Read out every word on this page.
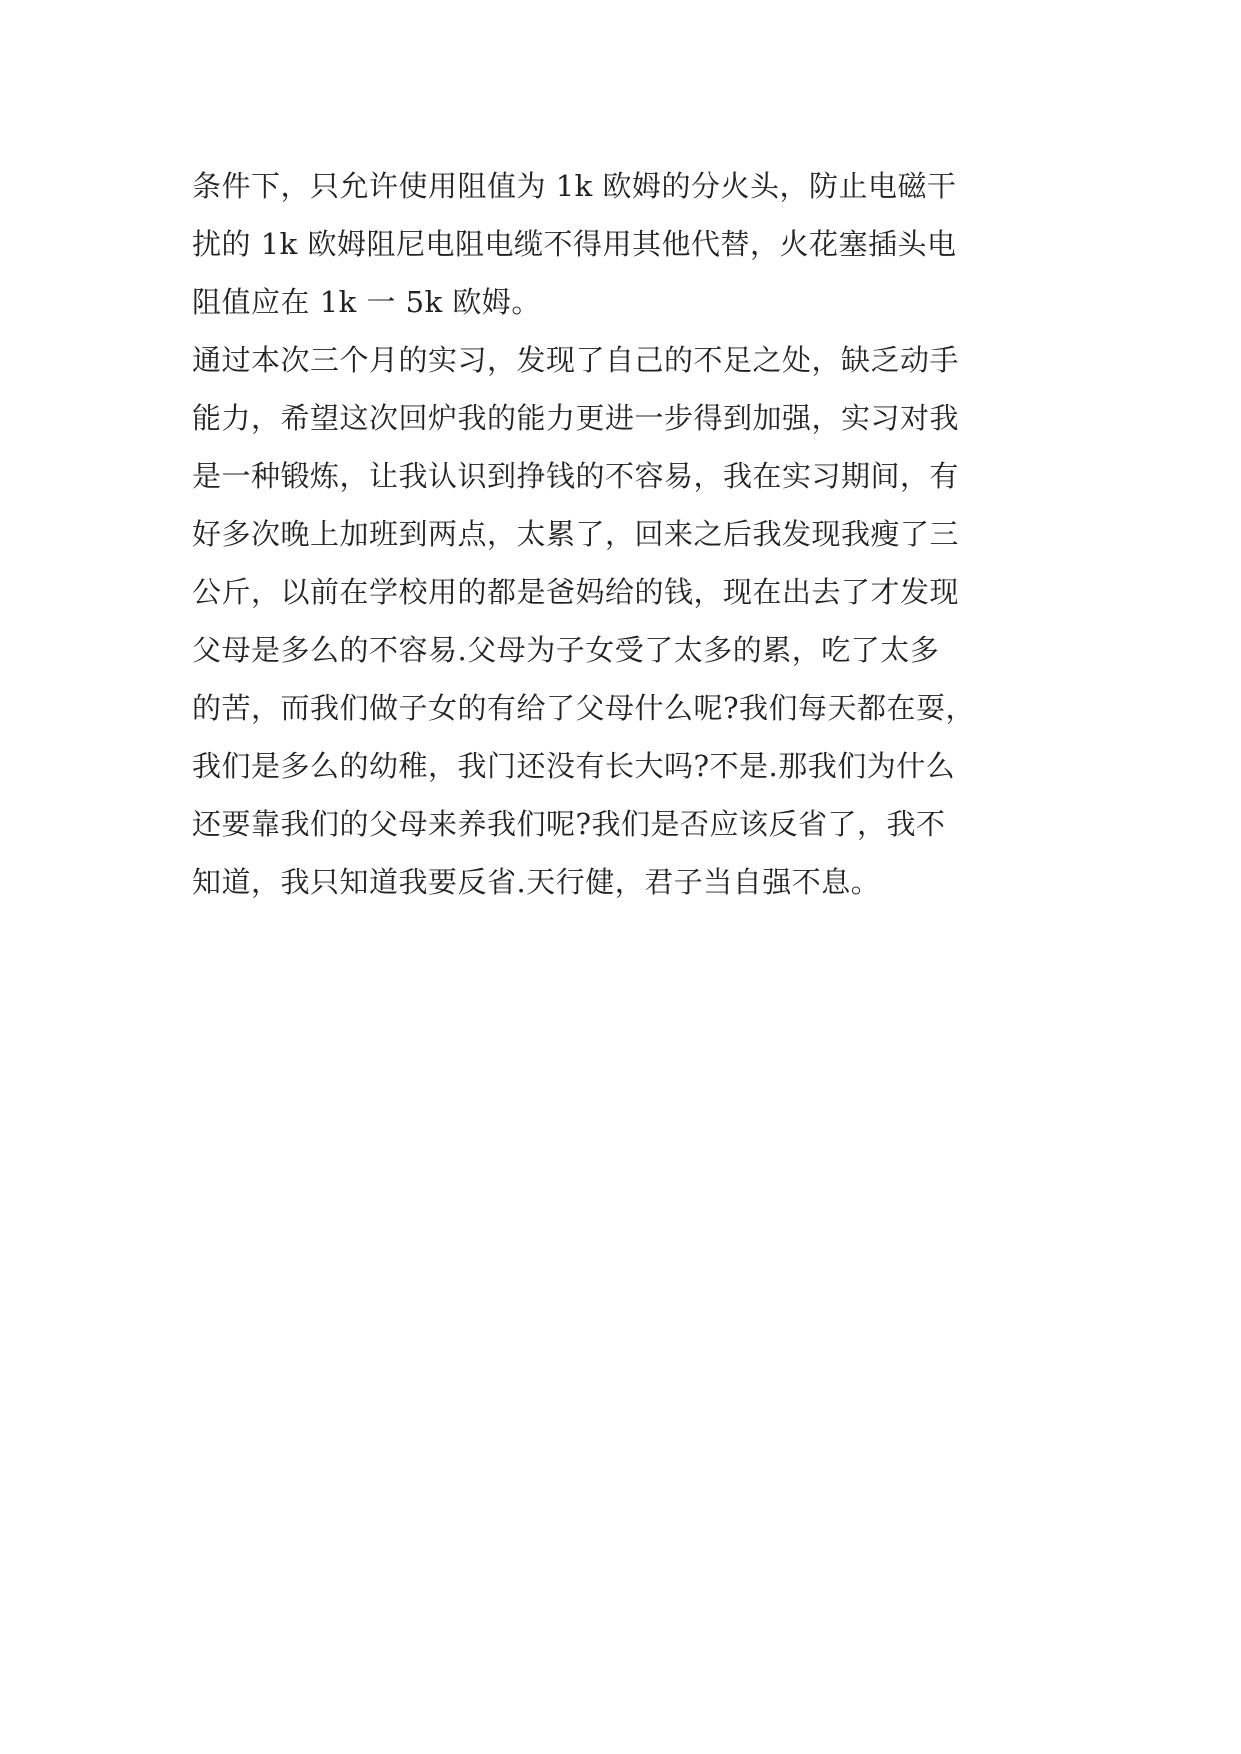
条件下，只允许使用阻值为 1k 欧姆的分火头，防止电磁干
扰的 1k 欧姆阻尼电阻电缆不得用其他代替，火花塞插头电
阻值应在 1k 一 5k 欧姆。
通过本次三个月的实习，发现了自己的不足之处，缺乏动手
能力，希望这次回炉我的能力更进一步得到加强，实习对我
是一种锻炼，让我认识到挣钱的不容易，我在实习期间，有
好多次晚上加班到两点，太累了，回来之后我发现我瘦了三
公斤，以前在学校用的都是爸妈给的钱，现在出去了才发现
父母是多么的不容易.父母为子女受了太多的累，吃了太多
的苦，而我们做子女的有给了父母什么呢?我们每天都在耍，
我们是多么的幼稚，我门还没有长大吗?不是.那我们为什么
还要靠我们的父母来养我们呢?我们是否应该反省了，我不
知道，我只知道我要反省.天行健，君子当自强不息。
